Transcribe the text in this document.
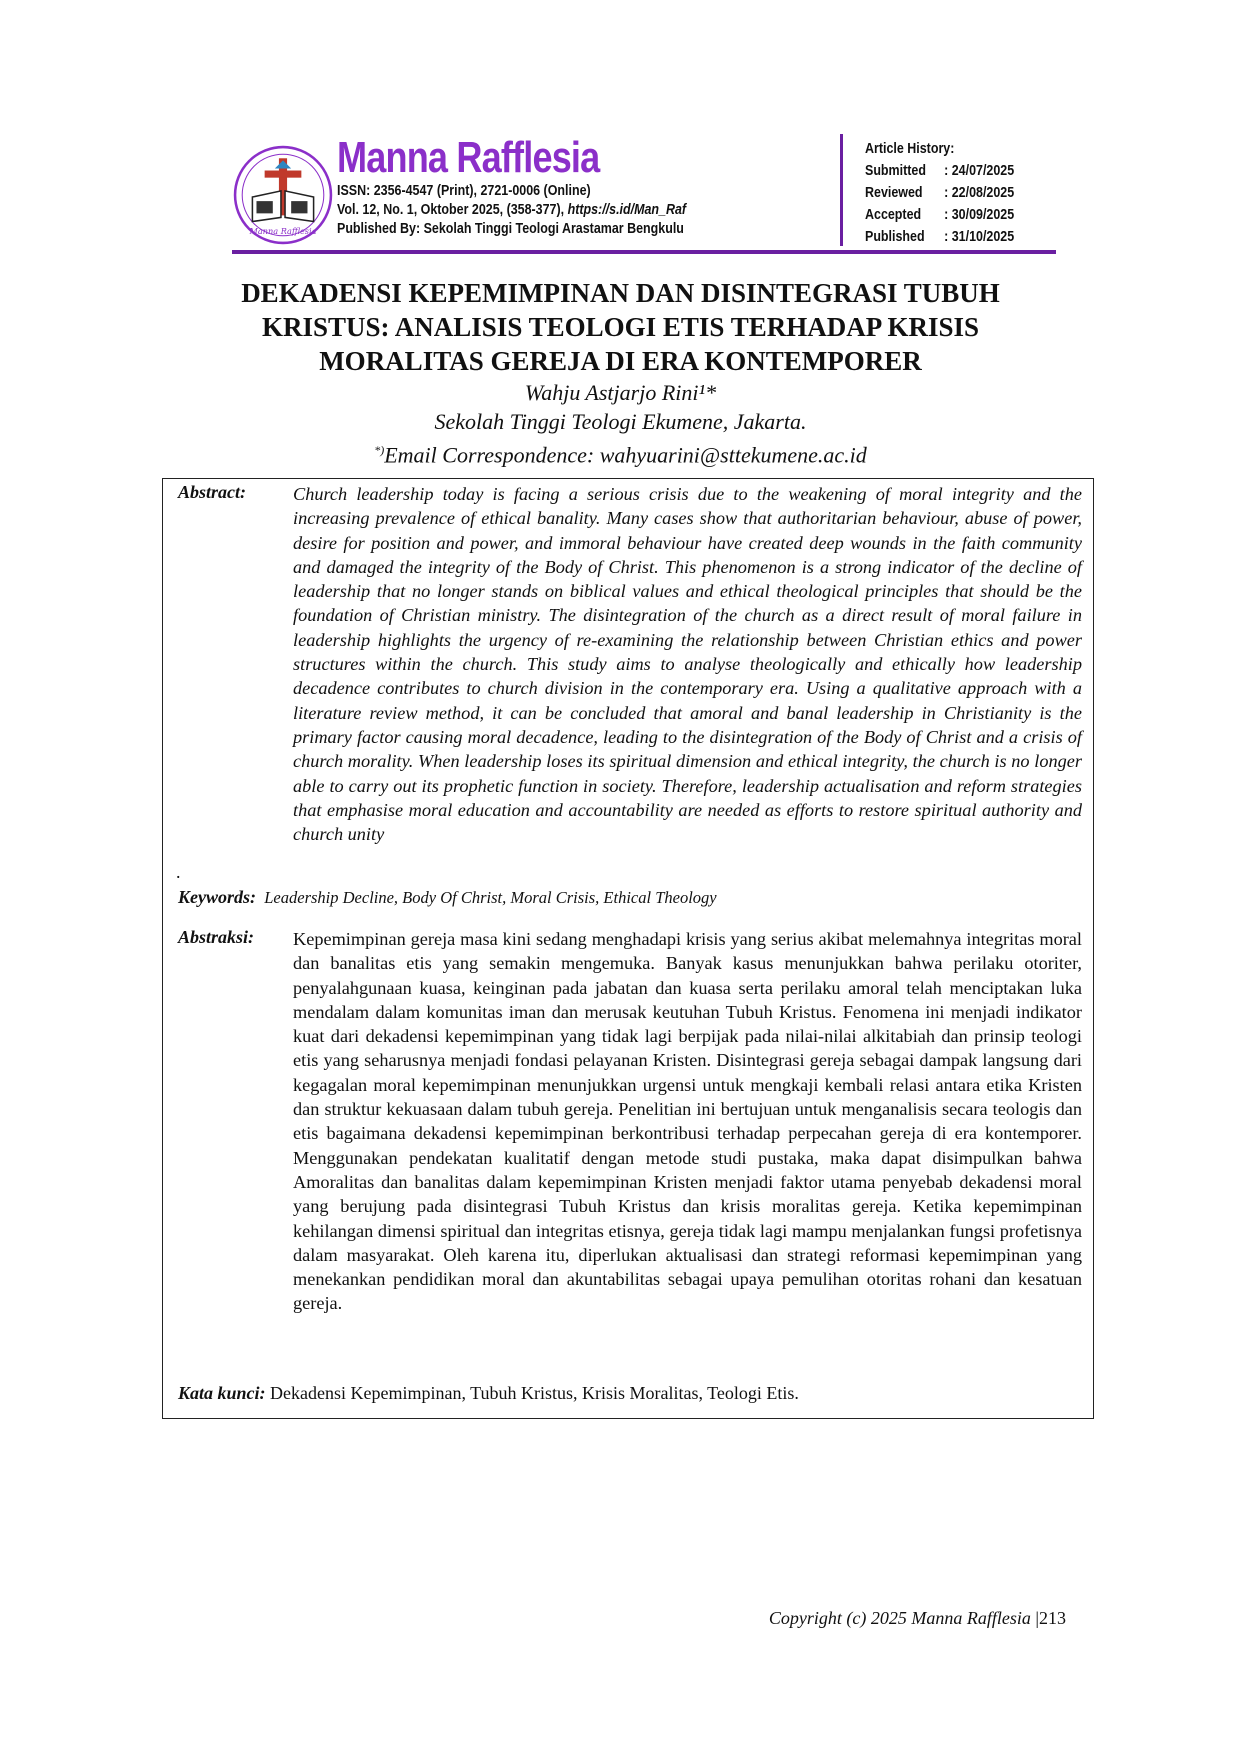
Manna Rafflesia
Manna Rafflesia
ISSN: 2356-4547 (Print), 2721-0006 (Online)
Vol. 12, No. 1, Oktober 2025, (358-377), https://s.id/Man_Raf
Published By: Sekolah Tinggi Teologi Arastamar Bengkulu
Article History:
Submitted : 24/07/2025
Reviewed : 22/08/2025
Accepted : 30/09/2025
Published : 31/10/2025
DEKADENSI KEPEMIMPINAN DAN DISINTEGRASI TUBUH
KRISTUS: ANALISIS TEOLOGI ETIS TERHADAP KRISIS
MORALITAS GEREJA DI ERA KONTEMPORER
Wahju Astjarjo Rini¹*
Sekolah Tinggi Teologi Ekumene, Jakarta.
*)Email Correspondence: wahyuarini@sttekumene.ac.id
Abstract:	Church leadership today is facing a serious crisis due to the weakening of moral integrity and the increasing prevalence of ethical banality. Many cases show that authoritarian behaviour, abuse of power, desire for position and power, and immoral behaviour have created deep wounds in the faith community and damaged the integrity of the Body of Christ. This phenomenon is a strong indicator of the decline of leadership that no longer stands on biblical values and ethical theological principles that should be the foundation of Christian ministry. The disintegration of the church as a direct result of moral failure in leadership highlights the urgency of re-examining the relationship between Christian ethics and power structures within the church. This study aims to analyse theologically and ethically how leadership decadence contributes to church division in the contemporary era. Using a qualitative approach with a literature review method, it can be concluded that amoral and banal leadership in Christianity is the primary factor causing moral decadence, leading to the disintegration of the Body of Christ and a crisis of church morality. When leadership loses its spiritual dimension and ethical integrity, the church is no longer able to carry out its prophetic function in society. Therefore, leadership actualisation and reform strategies that emphasise moral education and accountability are needed as efforts to restore spiritual authority and church unity
.
Keywords: Leadership Decline, Body Of Christ, Moral Crisis, Ethical Theology
Abstraksi: Kepemimpinan gereja masa kini sedang menghadapi krisis yang serius akibat melemahnya integritas moral dan banalitas etis yang semakin mengemuka. Banyak kasus menunjukkan bahwa perilaku otoriter, penyalahgunaan kuasa, keinginan pada jabatan dan kuasa serta perilaku amoral telah menciptakan luka mendalam dalam komunitas iman dan merusak keutuhan Tubuh Kristus. Fenomena ini menjadi indikator kuat dari dekadensi kepemimpinan yang tidak lagi berpijak pada nilai-nilai alkitabiah dan prinsip teologi etis yang seharusnya menjadi fondasi pelayanan Kristen. Disintegrasi gereja sebagai dampak langsung dari kegagalan moral kepemimpinan menunjukkan urgensi untuk mengkaji kembali relasi antara etika Kristen dan struktur kekuasaan dalam tubuh gereja. Penelitian ini bertujuan untuk menganalisis secara teologis dan etis bagaimana dekadensi kepemimpinan berkontribusi terhadap perpecahan gereja di era kontemporer. Menggunakan pendekatan kualitatif dengan metode studi pustaka, maka dapat disimpulkan bahwa Amoralitas dan banalitas dalam kepemimpinan Kristen menjadi faktor utama penyebab dekadensi moral yang berujung pada disintegrasi Tubuh Kristus dan krisis moralitas gereja. Ketika kepemimpinan kehilangan dimensi spiritual dan integritas etisnya, gereja tidak lagi mampu menjalankan fungsi profetisnya dalam masyarakat. Oleh karena itu, diperlukan aktualisasi dan strategi reformasi kepemimpinan yang menekankan pendidikan moral dan akuntabilitas sebagai upaya pemulihan otoritas rohani dan kesatuan gereja.
Kata kunci: Dekadensi Kepemimpinan, Tubuh Kristus, Krisis Moralitas, Teologi Etis.
Copyright (c) 2025 Manna Rafflesia |213
